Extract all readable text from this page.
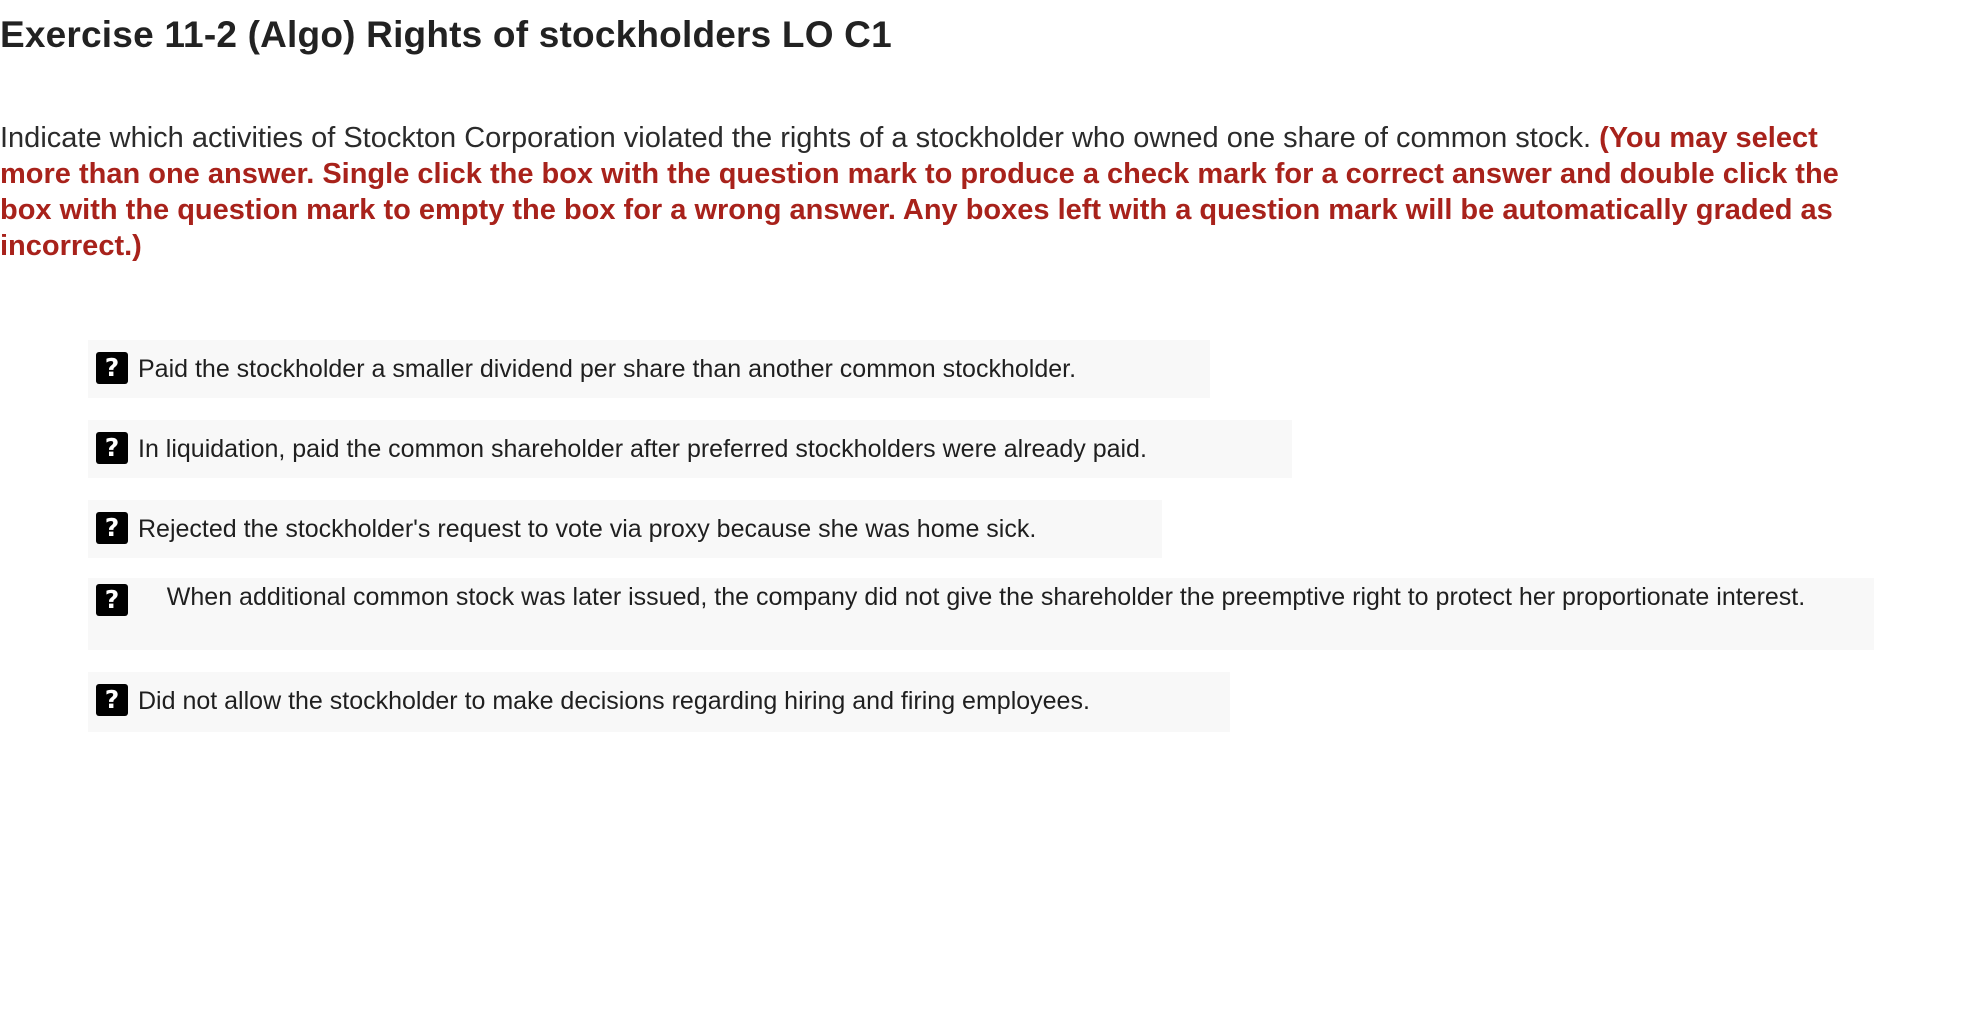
Exercise 11-2 (Algo) Rights of stockholders LO C1

Indicate which activities of Stockton Corporation violated the rights of a stockholder who owned one share of common stock. (You may select more than one answer. Single click the box with the question mark to produce a check mark for a correct answer and double click the box with the question mark to empty the box for a wrong answer. Any boxes left with a question mark will be automatically graded as incorrect.)

? Paid the stockholder a smaller dividend per share than another common stockholder.
? In liquidation, paid the common shareholder after preferred stockholders were already paid.
? Rejected the stockholder's request to vote via proxy because she was home sick.
?	When additional common stock was later issued, the company did not give the shareholder the preemptive right to protect her proportionate interest.
? Did not allow the stockholder to make decisions regarding hiring and firing employees.
